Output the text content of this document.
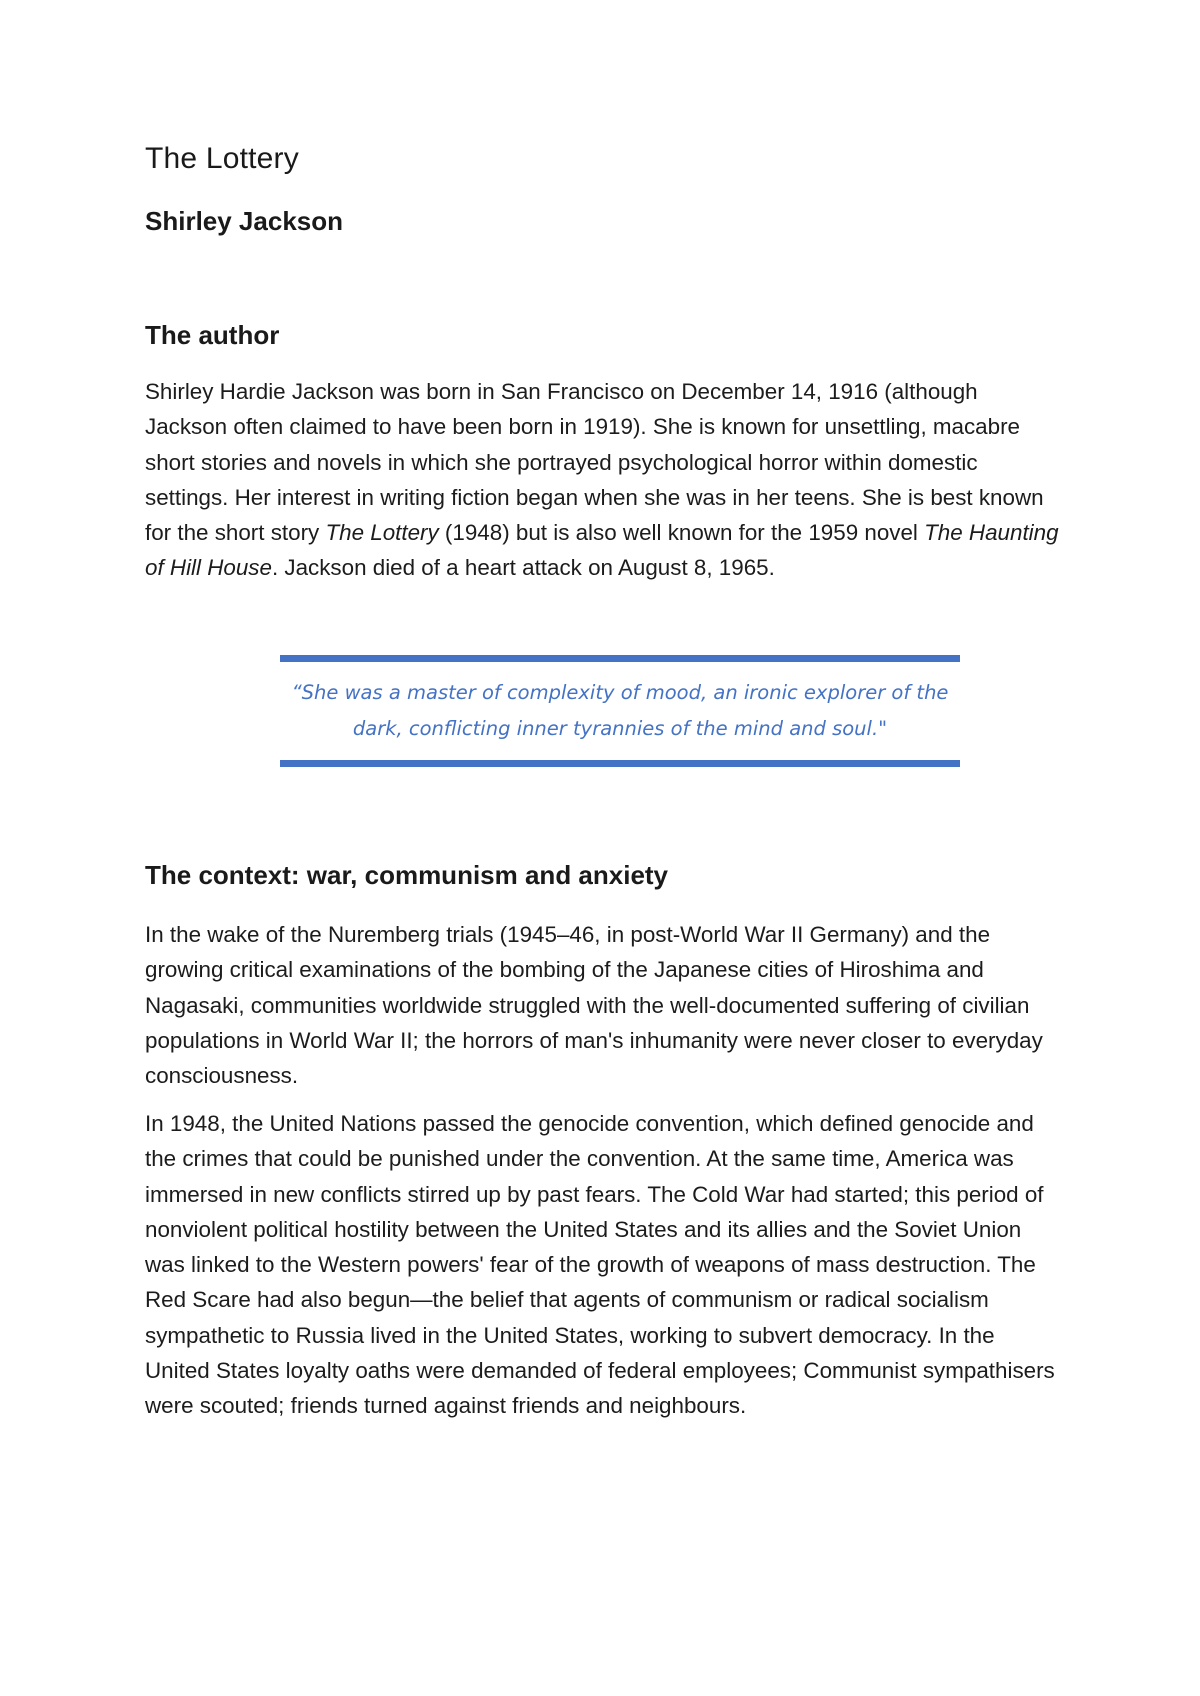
The Lottery
Shirley Jackson
The author

Shirley Hardie Jackson was born in San Francisco on December 14, 1916 (although Jackson often claimed to have been born in 1919). She is known for unsettling, macabre short stories and novels in which she portrayed psychological horror within domestic settings. Her interest in writing fiction began when she was in her teens. She is best known for the short story The Lottery (1948) but is also well known for the 1959 novel The Haunting of Hill House. Jackson died of a heart attack on August 8, 1965.

“She was a master of complexity of mood, an ironic explorer of the dark, conflicting inner tyrannies of the mind and soul."

The context: war, communism and anxiety

In the wake of the Nuremberg trials (1945–46, in post-World War II Germany) and the growing critical examinations of the bombing of the Japanese cities of Hiroshima and Nagasaki, communities worldwide struggled with the well-documented suffering of civilian populations in World War II; the horrors of man's inhumanity were never closer to everyday consciousness.

In 1948, the United Nations passed the genocide convention, which defined genocide and the crimes that could be punished under the convention. At the same time, America was immersed in new conflicts stirred up by past fears. The Cold War had started; this period of nonviolent political hostility between the United States and its allies and the Soviet Union was linked to the Western powers' fear of the growth of weapons of mass destruction. The Red Scare had also begun—the belief that agents of communism or radical socialism sympathetic to Russia lived in the United States, working to subvert democracy. In the United States loyalty oaths were demanded of federal employees; Communist sympathisers were scouted; friends turned against friends and neighbours.
